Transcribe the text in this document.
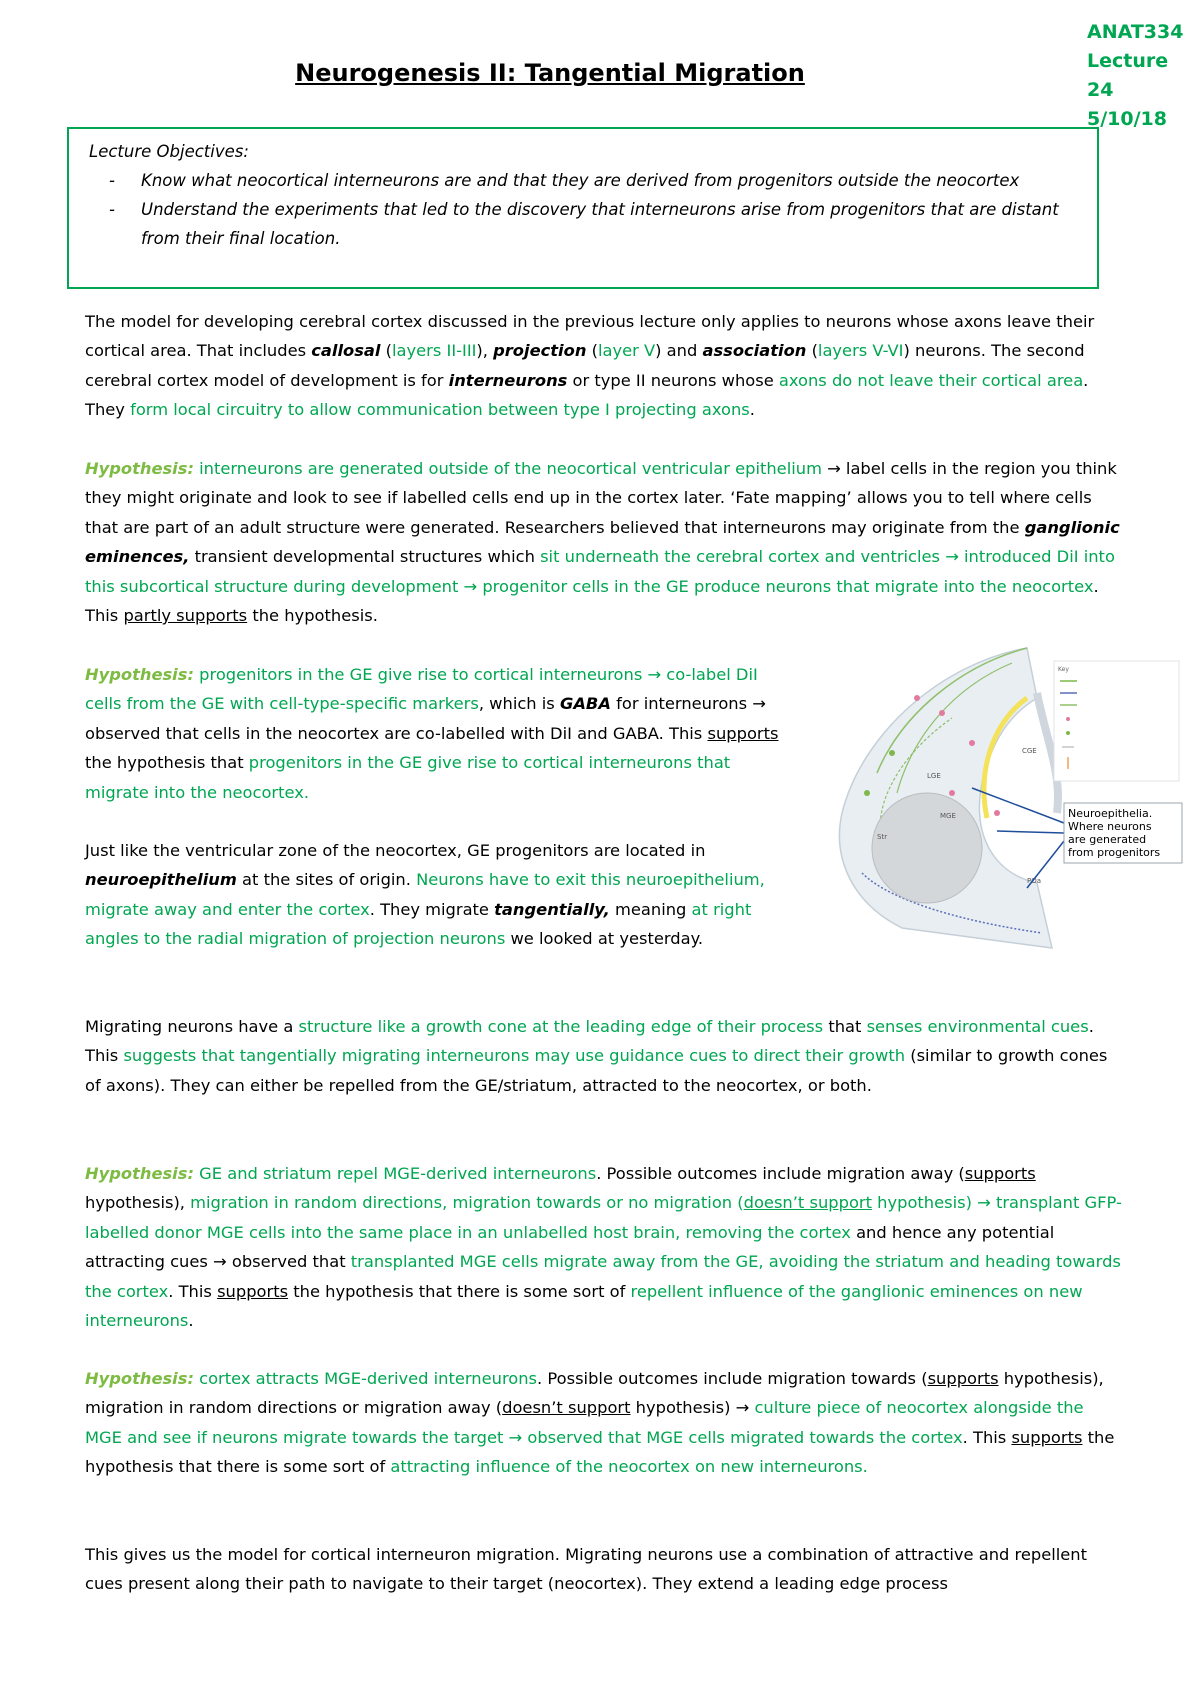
ANAT334
Lecture 24
5/10/18
Neurogenesis II: Tangential Migration
Lecture Objectives:
- Know what neocortical interneurons are and that they are derived from progenitors outside the neocortex
- Understand the experiments that led to the discovery that interneurons arise from progenitors that are distant from their final location.
The model for developing cerebral cortex discussed in the previous lecture only applies to neurons whose axons leave their cortical area. That includes callosal (layers II-III), projection (layer V) and association (layers V-VI) neurons. The second cerebral cortex model of development is for interneurons or type II neurons whose axons do not leave their cortical area. They form local circuitry to allow communication between type I projecting axons.
Hypothesis: interneurons are generated outside of the neocortical ventricular epithelium → label cells in the region you think they might originate and look to see if labelled cells end up in the cortex later. ‘Fate mapping’ allows you to tell where cells that are part of an adult structure were generated. Researchers believed that interneurons may originate from the ganglionic eminences, transient developmental structures which sit underneath the cerebral cortex and ventricles → introduced DiI into this subcortical structure during development → progenitor cells in the GE produce neurons that migrate into the neocortex. This partly supports the hypothesis.
Hypothesis: progenitors in the GE give rise to cortical interneurons → co-label DiI cells from the GE with cell-type-specific markers, which is GABA for interneurons → observed that cells in the neocortex are co-labelled with DiI and GABA. This supports the hypothesis that progenitors in the GE give rise to cortical interneurons that migrate into the neocortex.
Just like the ventricular zone of the neocortex, GE progenitors are located in neuroepithelium at the sites of origin. Neurons have to exit this neuroepithelium, migrate away and enter the cortex. They migrate tangentially, meaning at right angles to the radial migration of projection neurons we looked at yesterday.
Migrating neurons have a structure like a growth cone at the leading edge of their process that senses environmental cues. This suggests that tangentially migrating interneurons may use guidance cues to direct their growth (similar to growth cones of axons). They can either be repelled from the GE/striatum, attracted to the neocortex, or both.
Hypothesis: GE and striatum repel MGE-derived interneurons. Possible outcomes include migration away (supports hypothesis), migration in random directions, migration towards or no migration (doesn’t support hypothesis) → transplant GFP-labelled donor MGE cells into the same place in an unlabelled host brain, removing the cortex and hence any potential attracting cues → observed that transplanted MGE cells migrate away from the GE, avoiding the striatum and heading towards the cortex. This supports the hypothesis that there is some sort of repellent influence of the ganglionic eminences on new interneurons.
Hypothesis: cortex attracts MGE-derived interneurons. Possible outcomes include migration towards (supports hypothesis), migration in random directions or migration away (doesn’t support hypothesis) → culture piece of neocortex alongside the MGE and see if neurons migrate towards the target → observed that MGE cells migrated towards the cortex. This supports the hypothesis that there is some sort of attracting influence of the neocortex on new interneurons.
This gives us the model for cortical interneuron migration. Migrating neurons use a combination of attractive and repellent cues present along their path to navigate to their target (neocortex). They extend a leading edge process
LGE
CGE
MGE
Str
POa
Key
Neuroepithelia.
Where neurons
are generated
from progenitors
